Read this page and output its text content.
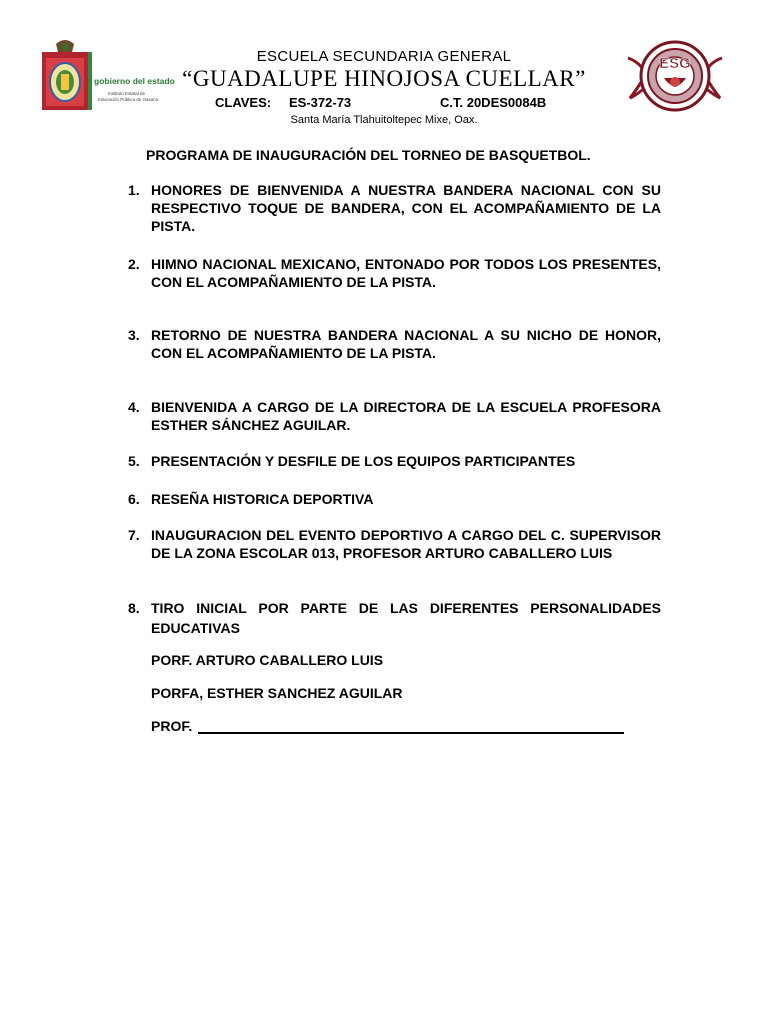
gobierno del estado
Instituto Estatal de
Educación Pública de Oaxaca
ESG
ESCUELA SECUNDARIA GENERAL
“GUADALUPE HINOJOSA CUELLAR”
CLAVES: ES-372-73	C.T. 20DES0084B
Santa María Tlahuitoltepec Mixe, Oax.
PROGRAMA DE INAUGURACIÓN DEL TORNEO DE BASQUETBOL.
1. HONORES DE BIENVENIDA A NUESTRA BANDERA NACIONAL CON SU RESPECTIVO TOQUE DE BANDERA, CON EL ACOMPAÑAMIENTO DE LA PISTA.
2. HIMNO NACIONAL MEXICANO, ENTONADO POR TODOS LOS PRESENTES, CON EL ACOMPAÑAMIENTO DE LA PISTA.
3. RETORNO DE NUESTRA BANDERA NACIONAL A SU NICHO DE HONOR, CON EL ACOMPAÑAMIENTO DE LA PISTA.
4. BIENVENIDA A CARGO DE LA DIRECTORA DE LA ESCUELA PROFESORA ESTHER SÁNCHEZ AGUILAR.
5. PRESENTACIÓN Y DESFILE DE LOS EQUIPOS PARTICIPANTES
6. RESEÑA HISTORICA DEPORTIVA
7. INAUGURACION DEL EVENTO DEPORTIVO A CARGO DEL C. SUPERVISOR DE LA ZONA ESCOLAR 013, PROFESOR ARTURO CABALLERO LUIS
8. TIRO INICIAL POR PARTE DE LAS DIFERENTES PERSONALIDADES EDUCATIVAS
PORF. ARTURO CABALLERO LUIS
PORFA, ESTHER SANCHEZ AGUILAR
PROF.
